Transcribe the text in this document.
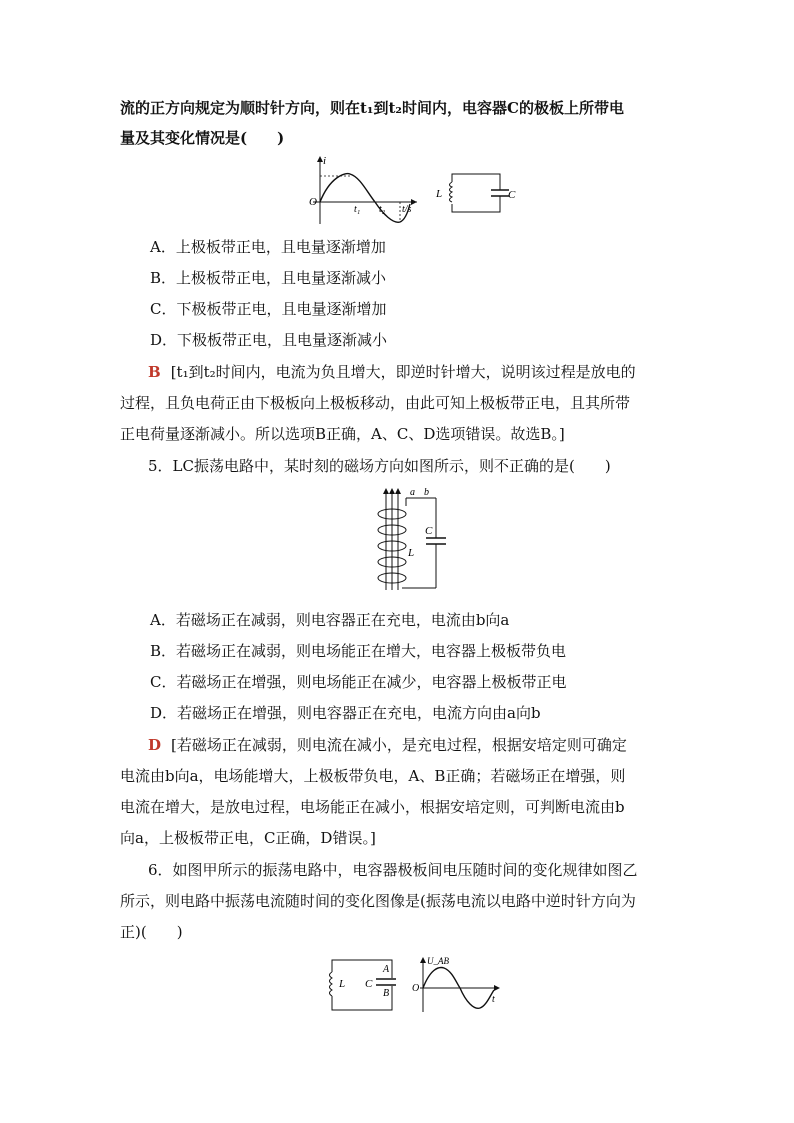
流的正方向规定为顺时针方向，则在t₁到t₂时间内，电容器C的极板上所带电
量及其变化情况是(　　)
i
O
t₁ t₂ t/s
L	C
A．上极板带正电，且电量逐渐增加
B．上极板带正电，且电量逐渐减小
C．下极板带正电，且电量逐渐增加
D．下极板带正电，且电量逐渐减小
B [t₁到t₂时间内，电流为负且增大，即逆时针增大，说明该过程是放电的
过程，且负电荷正由下极板向上极板移动，由此可知上极板带正电，且其所带
正电荷量逐渐减小。所以选项B正确，A、C、D选项错误。故选B。]
5．LC振荡电路中，某时刻的磁场方向如图所示，则不正确的是(　　)
a b
C
L
A．若磁场正在减弱，则电容器正在充电，电流由b向a
B．若磁场正在减弱，则电场能正在增大，电容器上极板带负电
C．若磁场正在增强，则电场能正在减少，电容器上极板带正电
D．若磁场正在增强，则电容器正在充电，电流方向由a向b
D [若磁场正在减弱，则电流在减小，是充电过程，根据安培定则可确定
电流由b向a，电场能增大，上极板带负电，A、B正确；若磁场正在增强，则
电流在增大，是放电过程，电场能正在减小，根据安培定则，可判断电流由b
向a，上极板带正电，C正确，D错误。]
6．如图甲所示的振荡电路中，电容器极板间电压随时间的变化规律如图乙
所示，则电路中振荡电流随时间的变化图像是(振荡电流以电路中逆时针方向为
正)(　　)
L C
A
B
U_AB
O
t
